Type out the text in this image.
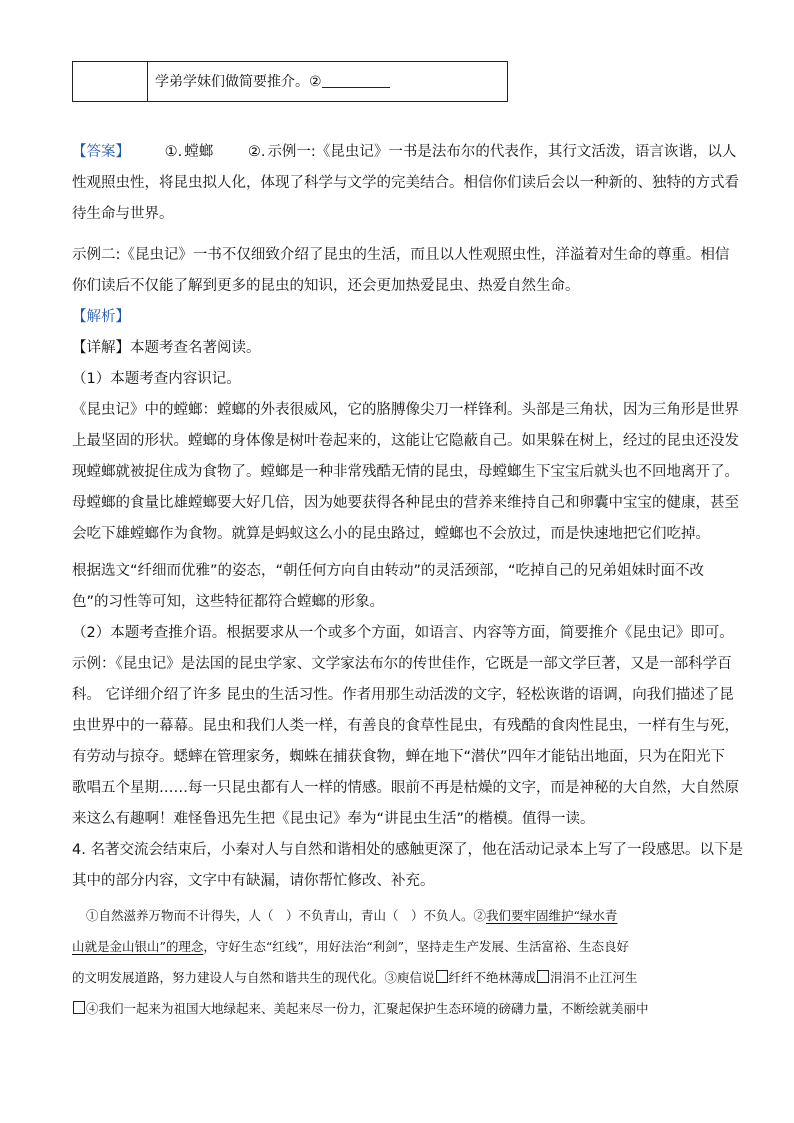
学弟学妹们做简要推介。②
【答案】 ①. 螳螂 ②. 示例一:《昆虫记》一书是法布尔的代表作，其行文活泼，语言诙谐，以人
性观照虫性，将昆虫拟人化，体现了科学与文学的完美结合。相信你们读后会以一种新的、独特的方式看
待生命与世界。
示例二:《昆虫记》一书不仅细致介绍了昆虫的生活，而且以人性观照虫性，洋溢着对生命的尊重。相信
你们读后不仅能了解到更多的昆虫的知识，还会更加热爱昆虫、热爱自然生命。
【解析】
【详解】本题考查名著阅读。
（1）本题考查内容识记。
《昆虫记》中的螳螂：螳螂的外表很威风，它的胳膊像尖刀一样锋利。头部是三角状，因为三角形是世界
上最坚固的形状。螳螂的身体像是树叶卷起来的，这能让它隐蔽自己。如果躲在树上，经过的昆虫还没发
现螳螂就被捉住成为食物了。螳螂是一种非常残酷无情的昆虫，母螳螂生下宝宝后就头也不回地离开了。
母螳螂的食量比雄螳螂要大好几倍，因为她要获得各种昆虫的营养来维持自己和卵囊中宝宝的健康，甚至
会吃下雄螳螂作为食物。就算是蚂蚁这么小的昆虫路过，螳螂也不会放过，而是快速地把它们吃掉。
根据选文“纤细而优雅”的姿态，“朝任何方向自由转动”的灵活颈部，“吃掉自己的兄弟姐妹时面不改
色”的习性等可知，这些特征都符合螳螂的形象。
（2）本题考查推介语。根据要求从一个或多个方面，如语言、内容等方面，简要推介《昆虫记》即可。
示例：《昆虫记》是法国的昆虫学家、文学家法布尔的传世佳作，它既是一部文学巨著，又是一部科学百
科。 它详细介绍了许多 昆虫的生活习性。作者用那生动活泼的文字，轻松诙谐的语调，向我们描述了昆
虫世界中的一幕幕。昆虫和我们人类一样，有善良的食草性昆虫，有残酷的食肉性昆虫，一样有生与死，
有劳动与掠夺。蟋蟀在管理家务，蜘蛛在捕获食物，蝉在地下“潜伏”四年才能钻出地面，只为在阳光下
歌唱五个星期……每一只昆虫都有人一样的情感。眼前不再是枯燥的文字，而是神秘的大自然，大自然原
来这么有趣啊！难怪鲁迅先生把《昆虫记》奉为“讲昆虫生活”的楷模。值得一读。
4. 名著交流会结束后，小秦对人与自然和谐相处的感触更深了，他在活动记录本上写了一段感思。以下是
其中的部分内容，文字中有缺漏，请你帮忙修改、补充。
①自然滋养万物而不计得失，人（　）不负青山，青山（　）不负人。②我们要牢固维护“绿水青
山就是金山银山”的理念，守好生态“红线”，用好法治“利剑”，坚持走生产发展、生活富裕、生态良好
的文明发展道路，努力建设人与自然和谐共生的现代化。③庾信说 纤纤不绝林薄成 涓涓不止江河生
④我们一起来为祖国大地绿起来、美起来尽一份力，汇聚起保护生态环境的磅礴力量，不断绘就美丽中
